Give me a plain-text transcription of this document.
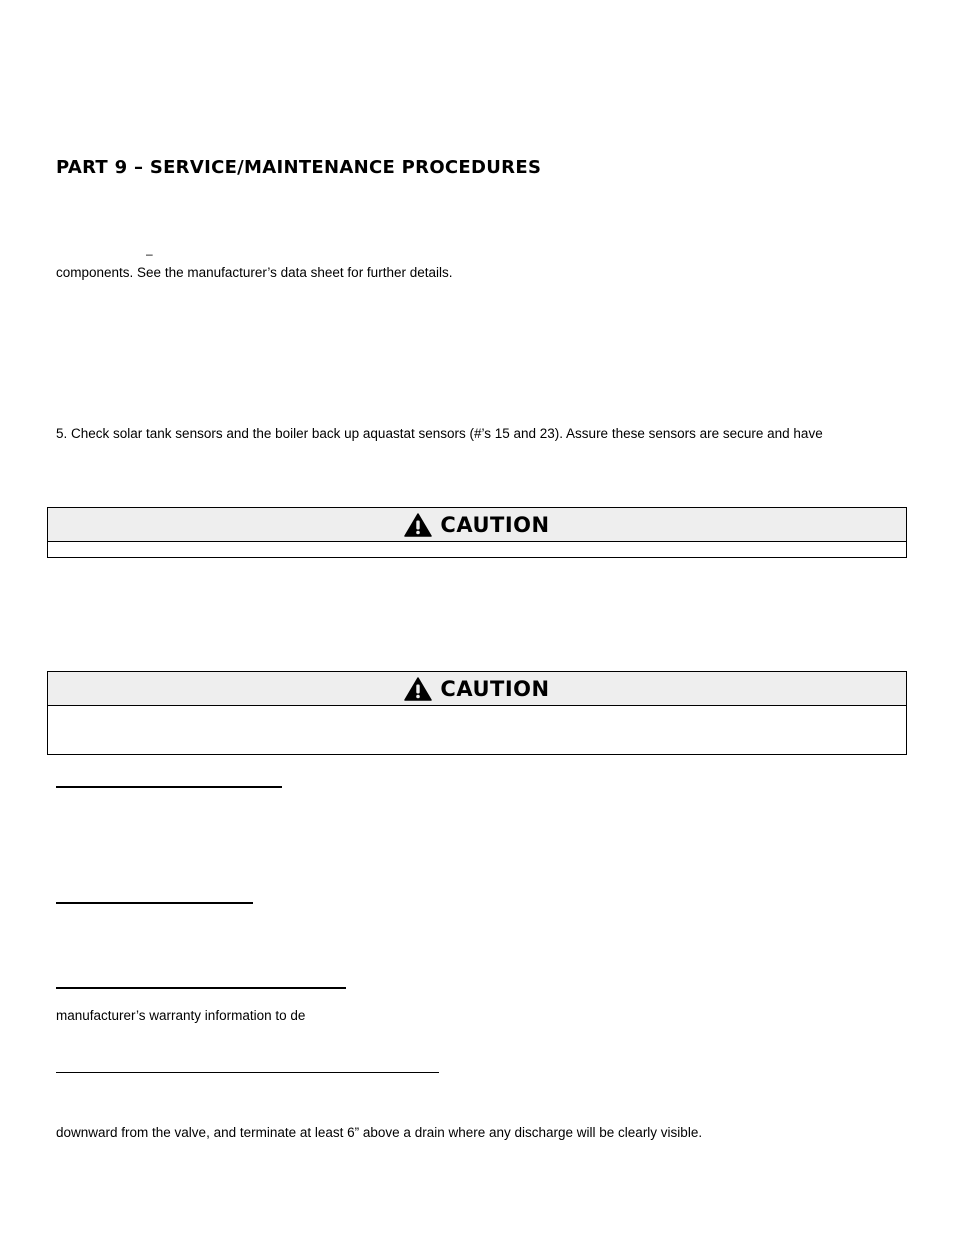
PART 9 – SERVICE/MAINTENANCE PROCEDURES
–
components. See the manufacturer’s data sheet for further details.
5. Check solar tank sensors and the boiler back up aquastat sensors (#’s 15 and 23). Assure these sensors are secure and have
CAUTION
CAUTION
manufacturer’s warranty information to de
downward from the valve, and terminate at least 6” above a drain where any discharge will be clearly visible.
